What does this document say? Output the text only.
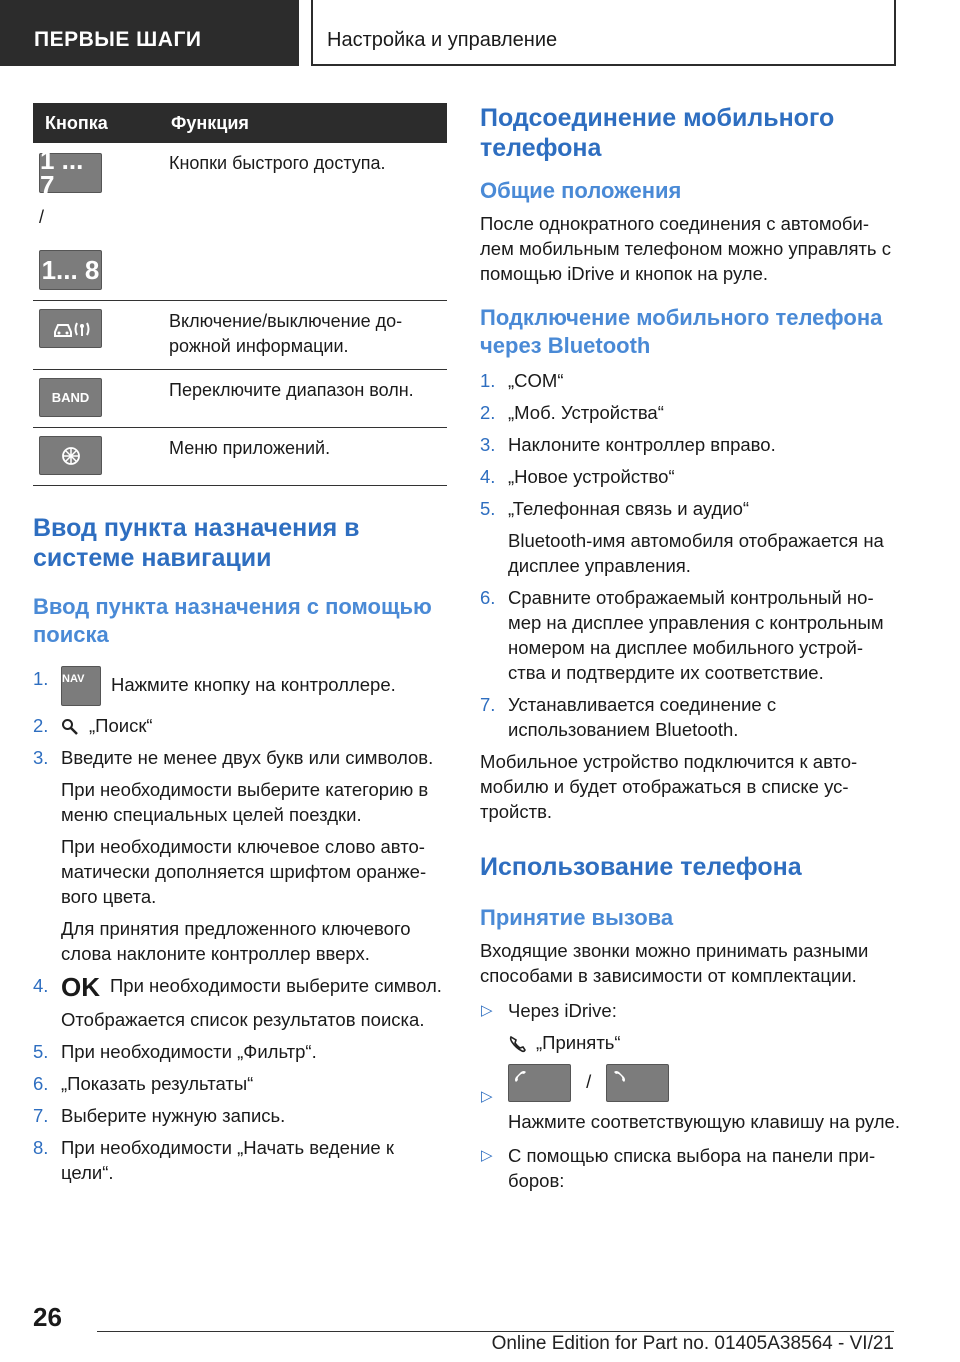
ПЕРВЫЕ ШАГИ	Настройка и управление
Кнопка	Функция
1 ... 7
/
1... 8	Кнопки быстрого доступа.

	Включение/выключение до-рожной информации.
BAND	Переключите диапазон волн.

	Меню приложений.
Ввод пункта назначения в системе навигации
Ввод пункта назначения с помощью поиска
1. NAV Нажмите кнопку на контроллере.
2. „Поиск“
3. Введите не менее двух букв или символов.
При необходимости выберите категорию в меню специальных целей поездки.
При необходимости ключевое слово авто-матически дополняется шрифтом оранже-вого цвета.
Для принятия предложенного ключевого слова наклоните контроллер вверх.
4. OK При необходимости выберите символ.
Отображается список результатов поиска.
5. При необходимости „Фильтр“.
6. „Показать результаты“
7. Выберите нужную запись.
8. При необходимости „Начать ведение к цели“.
Подсоединение мобильного телефона
Общие положения

После однократного соединения с автомоби-лем мобильным телефоном можно управлять с помощью iDrive и кнопок на руле.

Подключение мобильного телефона через Bluetooth
1. „COM“
2. „Моб. Устройства“
3. Наклоните контроллер вправо.
4. „Новое устройство“
5. „Телефонная связь и аудио“
Bluetooth-имя автомобиля отображается на дисплее управления.
6. Сравните отображаемый контрольный но-мер на дисплее управления с контрольным номером на дисплее мобильного устрой-ства и подтвердите их соответствие.
7. Устанавливается соединение с использованием Bluetooth.

Мобильное устройство подключится к авто-мобилю и будет отображаться в списке ус-тройств.

Использование телефона
Принятие вызова

Входящие звонки можно принимать разными способами в зависимости от комплектации.

▷ Через iDrive:
„Принять“
▷
/
Нажмите соответствующую клавишу на руле.
▷ С помощью списка выбора на панели при-боров:
26
Online Edition for Part no. 01405A38564 - VI/21
